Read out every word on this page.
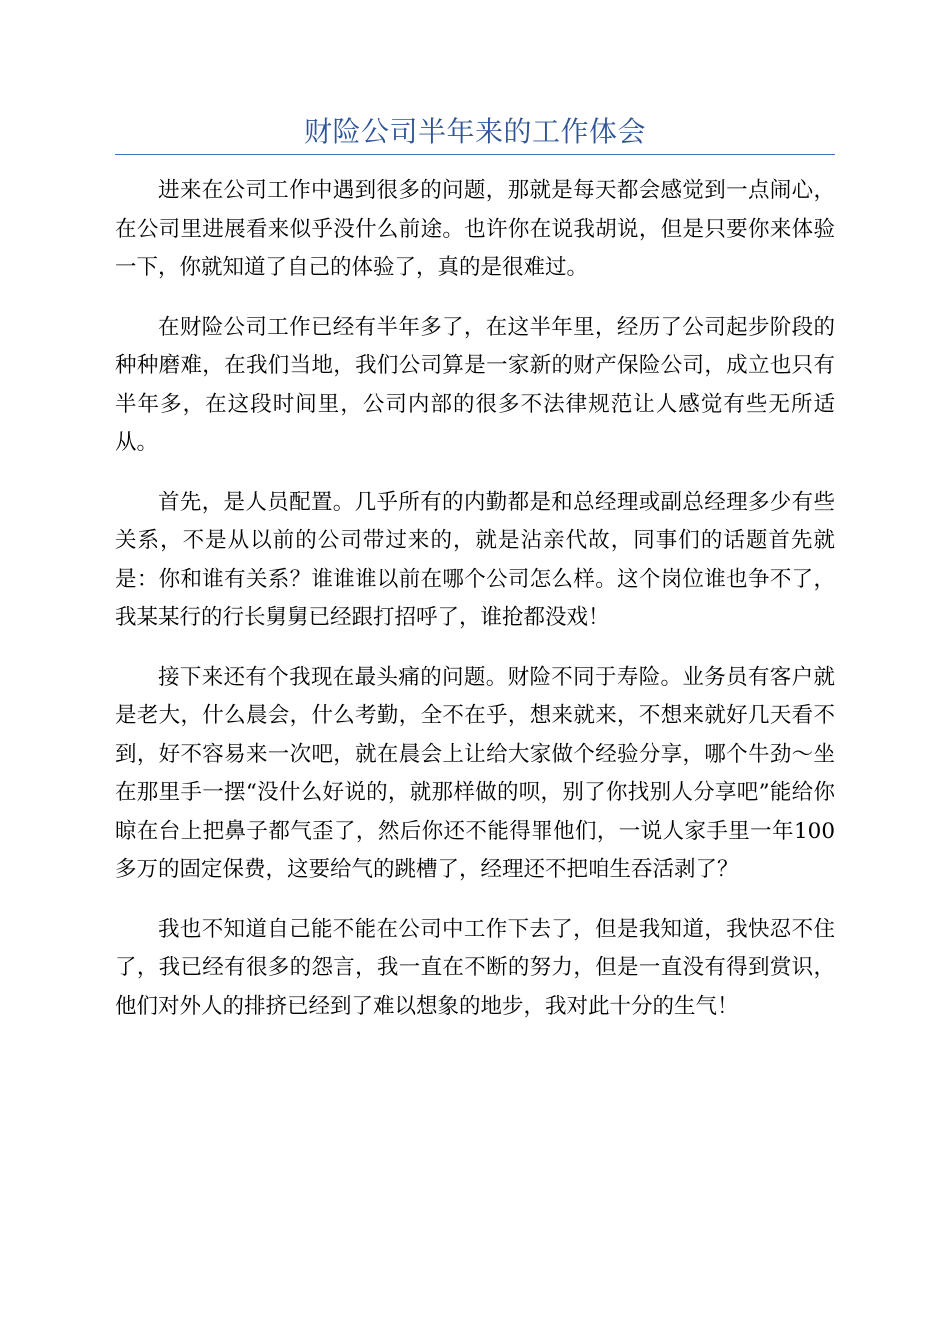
财险公司半年来的工作体会

进来在公司工作中遇到很多的问题，那就是每天都会感觉到一点闹心，在公司里进展看来似乎没什么前途。也许你在说我胡说，但是只要你来体验一下，你就知道了自己的体验了，真的是很难过。

在财险公司工作已经有半年多了，在这半年里，经历了公司起步阶段的种种磨难，在我们当地，我们公司算是一家新的财产保险公司，成立也只有半年多，在这段时间里，公司内部的很多不法律规范让人感觉有些无所适从。

首先，是人员配置。几乎所有的内勤都是和总经理或副总经理多少有些关系，不是从以前的公司带过来的，就是沾亲代故，同事们的话题首先就是：你和谁有关系？谁谁谁以前在哪个公司怎么样。这个岗位谁也争不了，我某某行的行长舅舅已经跟打招呼了，谁抢都没戏！

接下来还有个我现在最头痛的问题。财险不同于寿险。业务员有客户就是老大，什么晨会，什么考勤，全不在乎，想来就来，不想来就好几天看不到，好不容易来一次吧，就在晨会上让给大家做个经验分享，哪个牛劲～坐在那里手一摆“没什么好说的，就那样做的呗，别了你找别人分享吧”能给你晾在台上把鼻子都气歪了，然后你还不能得罪他们，一说人家手里一年100多万的固定保费，这要给气的跳槽了，经理还不把咱生吞活剥了？

我也不知道自己能不能在公司中工作下去了，但是我知道，我快忍不住了，我已经有很多的怨言，我一直在不断的努力，但是一直没有得到赏识，他们对外人的排挤已经到了难以想象的地步，我对此十分的生气！
